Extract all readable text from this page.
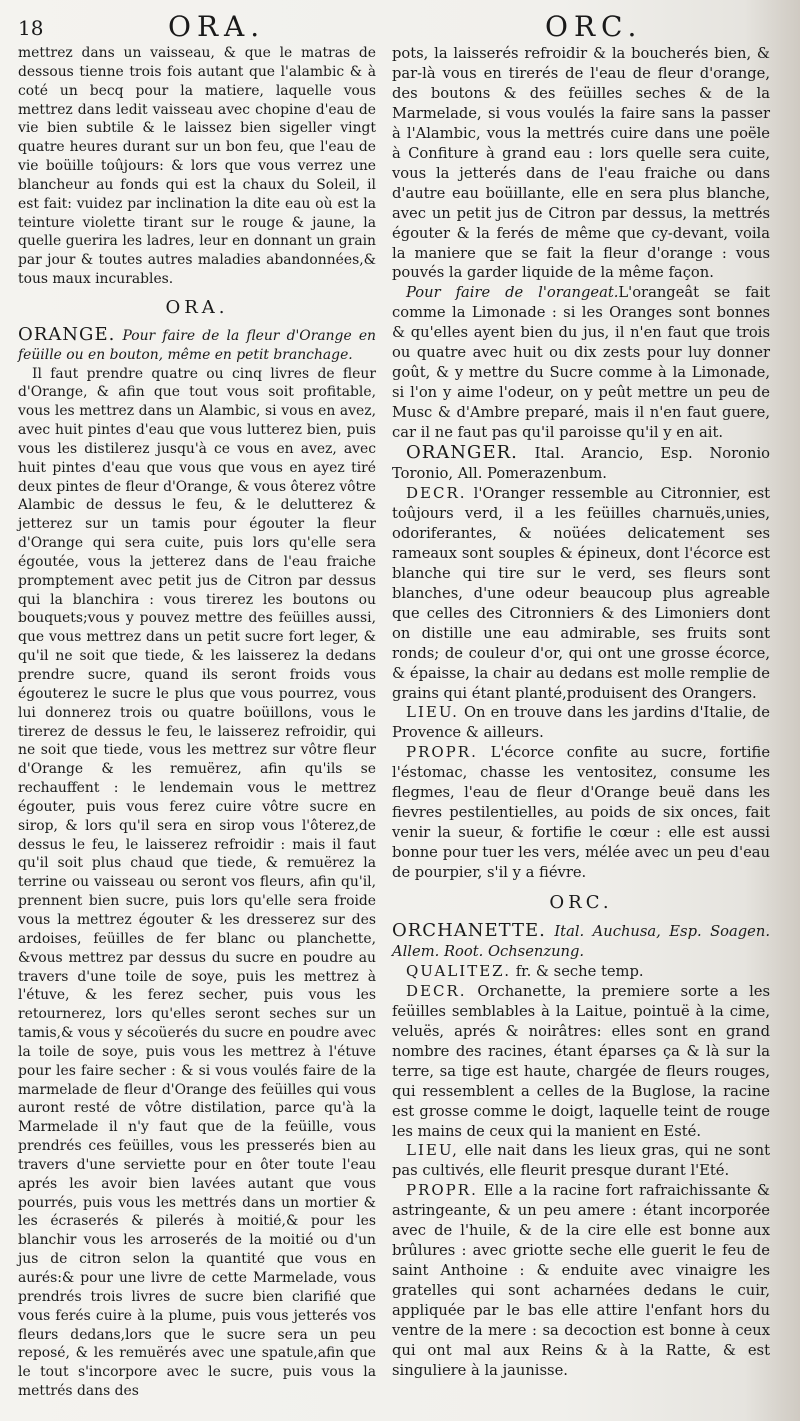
18	ORA.	ORC.

mettrez dans un vaisseau, & que le matras de dessous tienne trois fois autant que l'alambic & à coté un becq pour la matiere, laquelle vous mettrez dans ledit vaisseau avec chopine d'eau de vie bien subtile & le laissez bien sigeller vingt quatre heures durant sur un bon feu, que l'eau de vie boüille toûjours: & lors que vous verrez une blancheur au fonds qui est la chaux du Soleil, il est fait: vuidez par inclination la dite eau où est la teinture violette tirant sur le rouge & jaune, la quelle guerira les ladres, leur en donnant un grain par jour & toutes autres maladies abandonnées,& tous maux incurables.

ORA.

ORANGE. Pour faire de la fleur d'Orange en feüille ou en bouton, même en petit branchage.

Il faut prendre quatre ou cinq livres de fleur d'Orange, & afin que tout vous soit profitable, vous les mettrez dans un Alambic, si vous en avez, avec huit pintes d'eau que vous lutterez bien, puis vous les distilerez jusqu'à ce vous en avez, avec huit pintes d'eau que vous que vous en ayez tiré deux pintes de fleur d'Orange, & vous ôterez vôtre Alambic de dessus le feu, & le delutterez & jetterez sur un tamis pour égouter la fleur d'Orange qui sera cuite, puis lors qu'elle sera égoutée, vous la jetterez dans de l'eau fraiche promptement avec petit jus de Citron par dessus qui la blanchira : vous tirerez les boutons ou bouquets;vous y pouvez mettre des feüilles aussi, que vous mettrez dans un petit sucre fort leger, & qu'il ne soit que tiede, & les laisserez la dedans prendre sucre, quand ils seront froids vous égouterez le sucre le plus que vous pourrez, vous lui donnerez trois ou quatre boüillons, vous le tirerez de dessus le feu, le laisserez refroidir, qui ne soit que tiede, vous les mettrez sur vôtre fleur d'Orange & les remuërez, afin qu'ils se rechauffent : le lendemain vous le mettrez égouter, puis vous ferez cuire vôtre sucre en sirop, & lors qu'il sera en sirop vous l'ôterez,de dessus le feu, le laisserez refroidir : mais il faut qu'il soit plus chaud que tiede, & remuërez la terrine ou vaisseau ou seront vos fleurs, afin qu'il, prennent bien sucre, puis lors qu'elle sera froide vous la mettrez égouter & les dresserez sur des ardoises, feüilles de fer blanc ou planchette, &vous mettrez par dessus du sucre en poudre au travers d'une toile de soye, puis les mettrez à l'étuve, & les ferez secher, puis vous les retournerez, lors qu'elles seront seches sur un tamis,& vous y sécoüerés du sucre en poudre avec la toile de soye, puis vous les mettrez à l'étuve pour les faire secher : & si vous voulés faire de la marmelade de fleur d'Orange des feüilles qui vous auront resté de vôtre distilation, parce qu'à la Marmelade il n'y faut que de la feüille, vous prendrés ces feüilles, vous les presserés bien au travers d'une serviette pour en ôter toute l'eau aprés les avoir bien lavées autant que vous pourrés, puis vous les mettrés dans un mortier & les écraserés & pilerés à moitié,& pour les blanchir vous les arroserés de la moitié ou d'un jus de citron selon la quantité que vous en aurés:& pour une livre de cette Marmelade, vous prendrés trois livres de sucre bien clarifié que vous ferés cuire à la plume, puis vous jetterés vos fleurs dedans,lors que le sucre sera un peu reposé, & les remuërés avec une spatule,afin que le tout s'incorpore avec le sucre, puis vous la mettrés dans des

pots, la laisserés refroidir & la boucherés bien, & par-là vous en tirerés de l'eau de fleur d'orange, des boutons & des feüilles seches & de la Marmelade, si vous voulés la faire sans la passer à l'Alambic, vous la mettrés cuire dans une poële à Confiture à grand eau : lors quelle sera cuite, vous la jetterés dans de l'eau fraiche ou dans d'autre eau boüillante, elle en sera plus blanche, avec un petit jus de Citron par dessus, la mettrés égouter & la ferés de même que cy-devant, voila la maniere que se fait la fleur d'orange : vous pouvés la garder liquide de la même façon.

Pour faire de l'orangeat.L'orangeât se fait comme la Limonade : si les Oranges sont bonnes & qu'elles ayent bien du jus, il n'en faut que trois ou quatre avec huit ou dix zests pour luy donner goût, & y mettre du Sucre comme à la Limonade, si l'on y aime l'odeur, on y peût mettre un peu de Musc & d'Ambre preparé, mais il n'en faut guere, car il ne faut pas qu'il paroisse qu'il y en ait.

ORANGER. Ital. Arancio, Esp. Noronio Toronio, All. Pomerazenbum.

DECR. l'Oranger ressemble au Citronnier, est toûjours verd, il a les feüilles charnuës,unies, odoriferantes, & noüées delicatement ses rameaux sont souples & épineux, dont l'écorce est blanche qui tire sur le verd, ses fleurs sont blanches, d'une odeur beaucoup plus agreable que celles des Citronniers & des Limoniers dont on distille une eau admirable, ses fruits sont ronds; de couleur d'or, qui ont une grosse écorce, & épaisse, la chair au dedans est molle remplie de grains qui étant planté,produisent des Orangers.

LIEU. On en trouve dans les jardins d'Italie, de Provence & ailleurs.

PROPR. L'écorce confite au sucre, fortifie l'éstomac, chasse les ventositez, consume les flegmes, l'eau de fleur d'Orange beuë dans les fievres pestilentielles, au poids de six onces, fait venir la sueur, & fortifie le cœur : elle est aussi bonne pour tuer les vers, mélée avec un peu d'eau de pourpier, s'il y a fiévre.

ORC.

ORCHANETTE. Ital. Auchusa, Esp. Soagen. Allem. Root. Ochsenzung.

QUALITEZ. fr. & seche temp.

DECR. Orchanette, la premiere sorte a les feüilles semblables à la Laitue, pointuë à la cime, veluës, aprés & noirâtres: elles sont en grand nombre des racines, étant éparses ça & là sur la terre, sa tige est haute, chargée de fleurs rouges, qui ressemblent a celles de la Buglose, la racine est grosse comme le doigt, laquelle teint de rouge les mains de ceux qui la manient en Esté.

LIEU, elle nait dans les lieux gras, qui ne sont pas cultivés, elle fleurit presque durant l'Eté.

PROPR. Elle a la racine fort rafraichissante & astringeante, & un peu amere : étant incorporée avec de l'huile, & de la cire elle est bonne aux brûlures : avec griotte seche elle guerit le feu de saint Anthoine : & enduite avec vinaigre les gratelles qui sont acharnées dedans le cuir, appliquée par le bas elle attire l'enfant hors du ventre de la mere : sa decoction est bonne à ceux qui ont mal aux Reins & à la Ratte, & est singuliere à la jaunisse.
